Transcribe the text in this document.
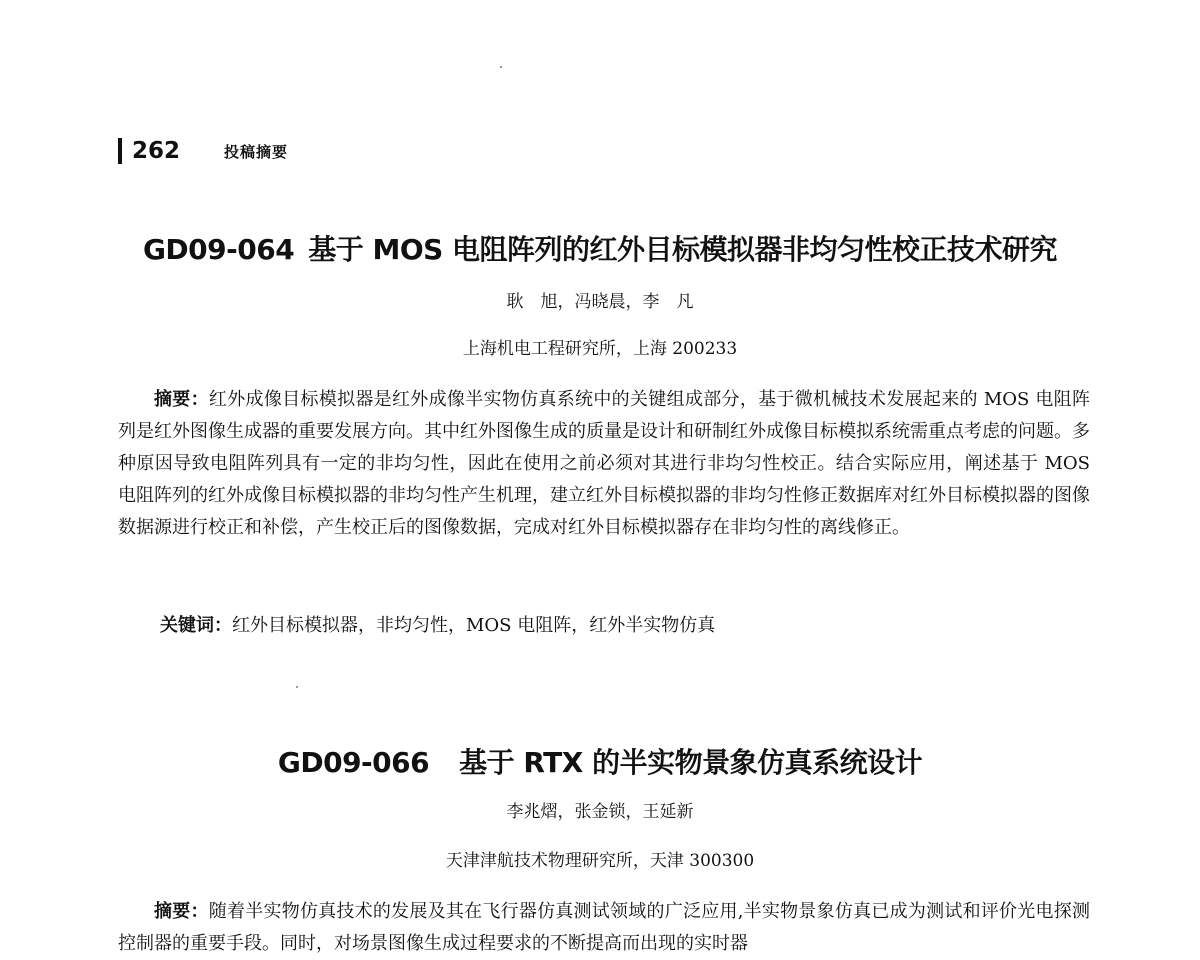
262	投稿摘要
GD09-064 基于 MOS 电阻阵列的红外目标模拟器非均匀性校正技术研究
耿　旭，冯晓晨，李　凡
上海机电工程研究所，上海 200233
摘要：红外成像目标模拟器是红外成像半实物仿真系统中的关键组成部分，基于微机械技术发展起来的 MOS 电阻阵列是红外图像生成器的重要发展方向。其中红外图像生成的质量是设计和研制红外成像目标模拟系统需重点考虑的问题。多种原因导致电阻阵列具有一定的非均匀性，因此在使用之前必须对其进行非均匀性校正。结合实际应用，阐述基于 MOS 电阻阵列的红外成像目标模拟器的非均匀性产生机理，建立红外目标模拟器的非均匀性修正数据库对红外目标模拟器的图像数据源进行校正和补偿，产生校正后的图像数据，完成对红外目标模拟器存在非均匀性的离线修正。
关键词：红外目标模拟器，非均匀性，MOS 电阻阵，红外半实物仿真
GD09-066 基于 RTX 的半实物景象仿真系统设计
李兆熠，张金锁，王延新
天津津航技术物理研究所，天津 300300
摘要：随着半实物仿真技术的发展及其在飞行器仿真测试领域的广泛应用,半实物景象仿真已成为测试和评价光电探测控制器的重要手段。同时，对场景图像生成过程要求的不断提高而出现的实时器
